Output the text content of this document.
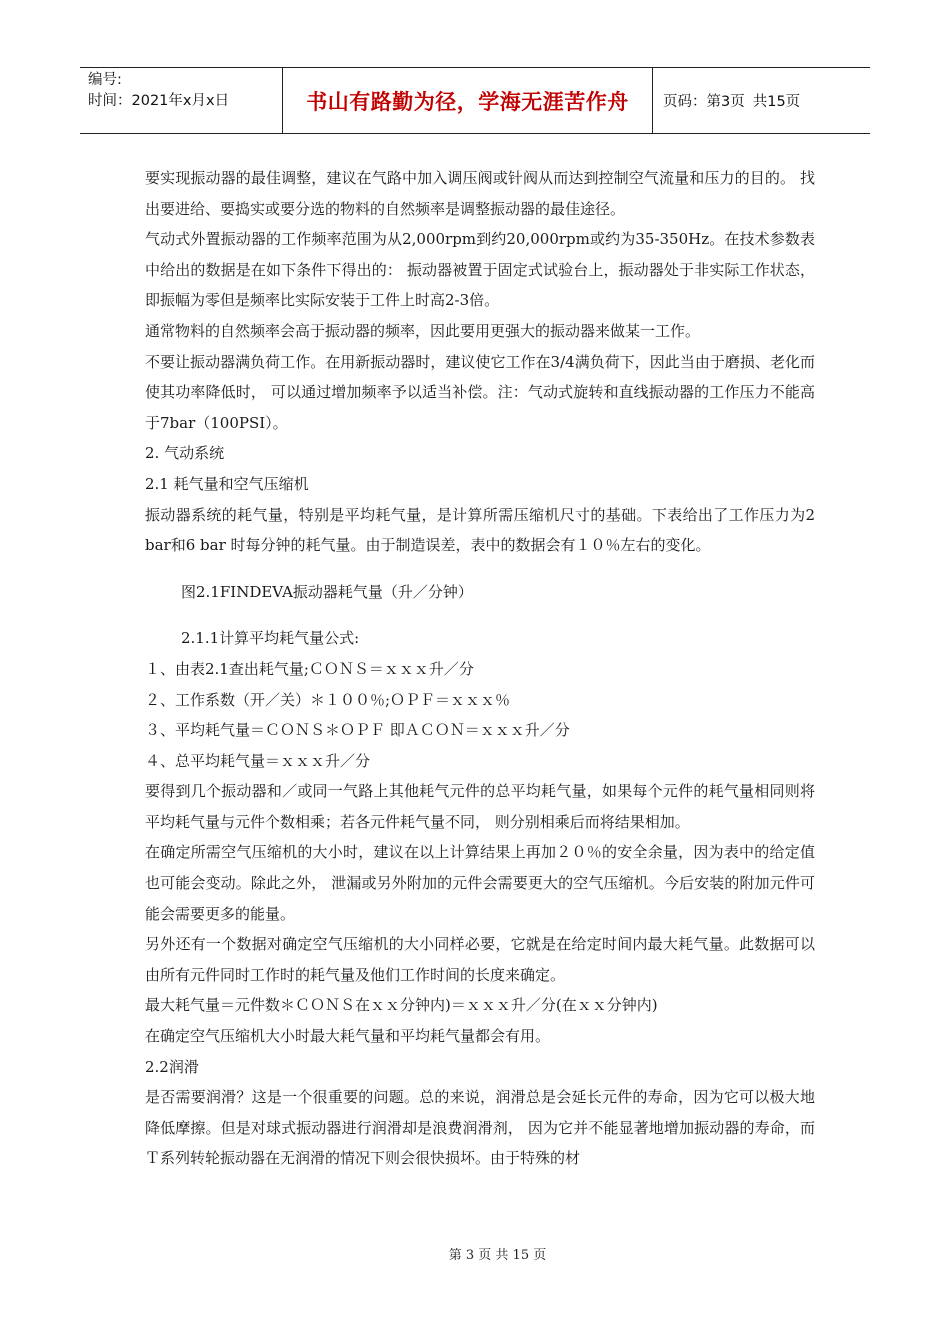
编号:
时间：2021年x月x日	书山有路勤为径，学海无涯苦作舟	页码：第3页 共15页

要实现振动器的最佳调整，建议在气路中加入调压阀或针阀从而达到控制空气流量和压力的目的。 找出要进给、要捣实或要分选的物料的自然频率是调整振动器的最佳途径。

气动式外置振动器的工作频率范围为从2,000rpm到约20,000rpm或约为35-350Hz。在技术参数表中给出的数据是在如下条件下得出的： 振动器被置于固定式试验台上，振动器处于非实际工作状态，即振幅为零但是频率比实际安装于工件上时高2-3倍。

通常物料的自然频率会高于振动器的频率，因此要用更强大的振动器来做某一工作。

不要让振动器满负荷工作。在用新振动器时，建议使它工作在3/4满负荷下，因此当由于磨损、老化而使其功率降低时， 可以通过增加频率予以适当补偿。注：气动式旋转和直线振动器的工作压力不能高于7bar（100PSI）。

2. 气动系统

2.1 耗气量和空气压缩机

振动器系统的耗气量，特别是平均耗气量，是计算所需压缩机尺寸的基础。下表给出了工作压力为2 bar和6 bar 时每分钟的耗气量。由于制造误差，表中的数据会有１０％左右的变化。

图2.1FINDEVA振动器耗气量（升／分钟）

2.1.1计算平均耗气量公式:

１、由表2.1查出耗气量;ＣＯＮＳ＝ｘｘｘ升／分

２、工作系数（开／关）＊１００％;ＯＰＦ＝ｘｘｘ％

３、平均耗气量＝ＣＯＮＳ＊ＯＰＦ 即ＡＣＯＮ＝ｘｘｘ升／分

４、总平均耗气量＝ｘｘｘ升／分

要得到几个振动器和／或同一气路上其他耗气元件的总平均耗气量，如果每个元件的耗气量相同则将平均耗气量与元件个数相乘；若各元件耗气量不同， 则分别相乘后而将结果相加。

在确定所需空气压缩机的大小时，建议在以上计算结果上再加２０％的安全余量，因为表中的给定值也可能会变动。除此之外， 泄漏或另外附加的元件会需要更大的空气压缩机。今后安装的附加元件可能会需要更多的能量。

另外还有一个数据对确定空气压缩机的大小同样必要，它就是在给定时间内最大耗气量。此数据可以由所有元件同时工作时的耗气量及他们工作时间的长度来确定。

最大耗气量＝元件数＊ＣＯＮＳ在ｘｘ分钟内)＝ｘｘｘ升／分(在ｘｘ分钟内)

在确定空气压缩机大小时最大耗气量和平均耗气量都会有用。

2.2润滑

是否需要润滑？这是一个很重要的问题。总的来说，润滑总是会延长元件的寿命，因为它可以极大地降低摩擦。但是对球式振动器进行润滑却是浪费润滑剂， 因为它并不能显著地增加振动器的寿命，而Ｔ系列转轮振动器在无润滑的情况下则会很快损坏。由于特殊的材

第 3 页 共 15 页
